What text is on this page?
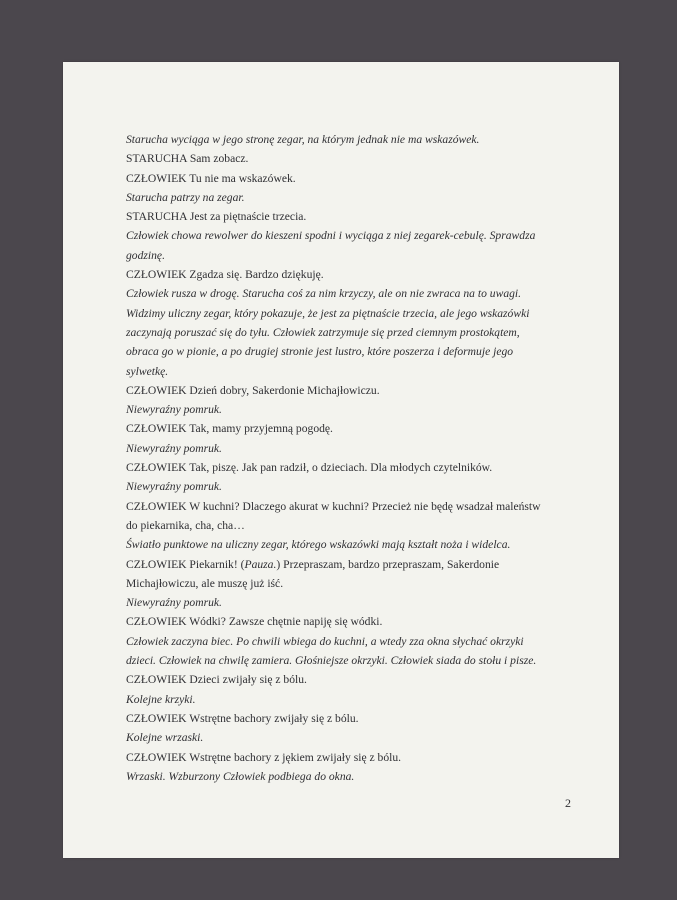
Starucha wyciąga w jego stronę zegar, na którym jednak nie ma wskazówek.

STARUCHA Sam zobacz.

CZŁOWIEK Tu nie ma wskazówek.

Starucha patrzy na zegar.

STARUCHA Jest za piętnaście trzecia.

Człowiek chowa rewolwer do kieszeni spodni i wyciąga z niej zegarek-cebulę. Sprawdza

godzinę.

CZŁOWIEK Zgadza się. Bardzo dziękuję.

Człowiek rusza w drogę. Starucha coś za nim krzyczy, ale on nie zwraca na to uwagi.

Widzimy uliczny zegar, który pokazuje, że jest za piętnaście trzecia, ale jego wskazówki

zaczynają poruszać się do tyłu. Człowiek zatrzymuje się przed ciemnym prostokątem,

obraca go w pionie, a po drugiej stronie jest lustro, które poszerza i deformuje jego

sylwetkę.

CZŁOWIEK Dzień dobry, Sakerdonie Michajłowiczu.

Niewyraźny pomruk.

CZŁOWIEK Tak, mamy przyjemną pogodę.

Niewyraźny pomruk.

CZŁOWIEK Tak, piszę. Jak pan radził, o dzieciach. Dla młodych czytelników.

Niewyraźny pomruk.

CZŁOWIEK W kuchni? Dlaczego akurat w kuchni? Przecież nie będę wsadzał maleństw

do piekarnika, cha, cha…

Światło punktowe na uliczny zegar, którego wskazówki mają kształt noża i widelca.

CZŁOWIEK Piekarnik! (Pauza.) Przepraszam, bardzo przepraszam, Sakerdonie

Michajłowiczu, ale muszę już iść.

Niewyraźny pomruk.

CZŁOWIEK Wódki? Zawsze chętnie napiję się wódki.

Człowiek zaczyna biec. Po chwili wbiega do kuchni, a wtedy zza okna słychać okrzyki

dzieci. Człowiek na chwilę zamiera. Głośniejsze okrzyki. Człowiek siada do stołu i pisze.

CZŁOWIEK Dzieci zwijały się z bólu.

Kolejne krzyki.

CZŁOWIEK Wstrętne bachory zwijały się z bólu.

Kolejne wrzaski.

CZŁOWIEK Wstrętne bachory z jękiem zwijały się z bólu.

Wrzaski. Wzburzony Człowiek podbiega do okna.

2
